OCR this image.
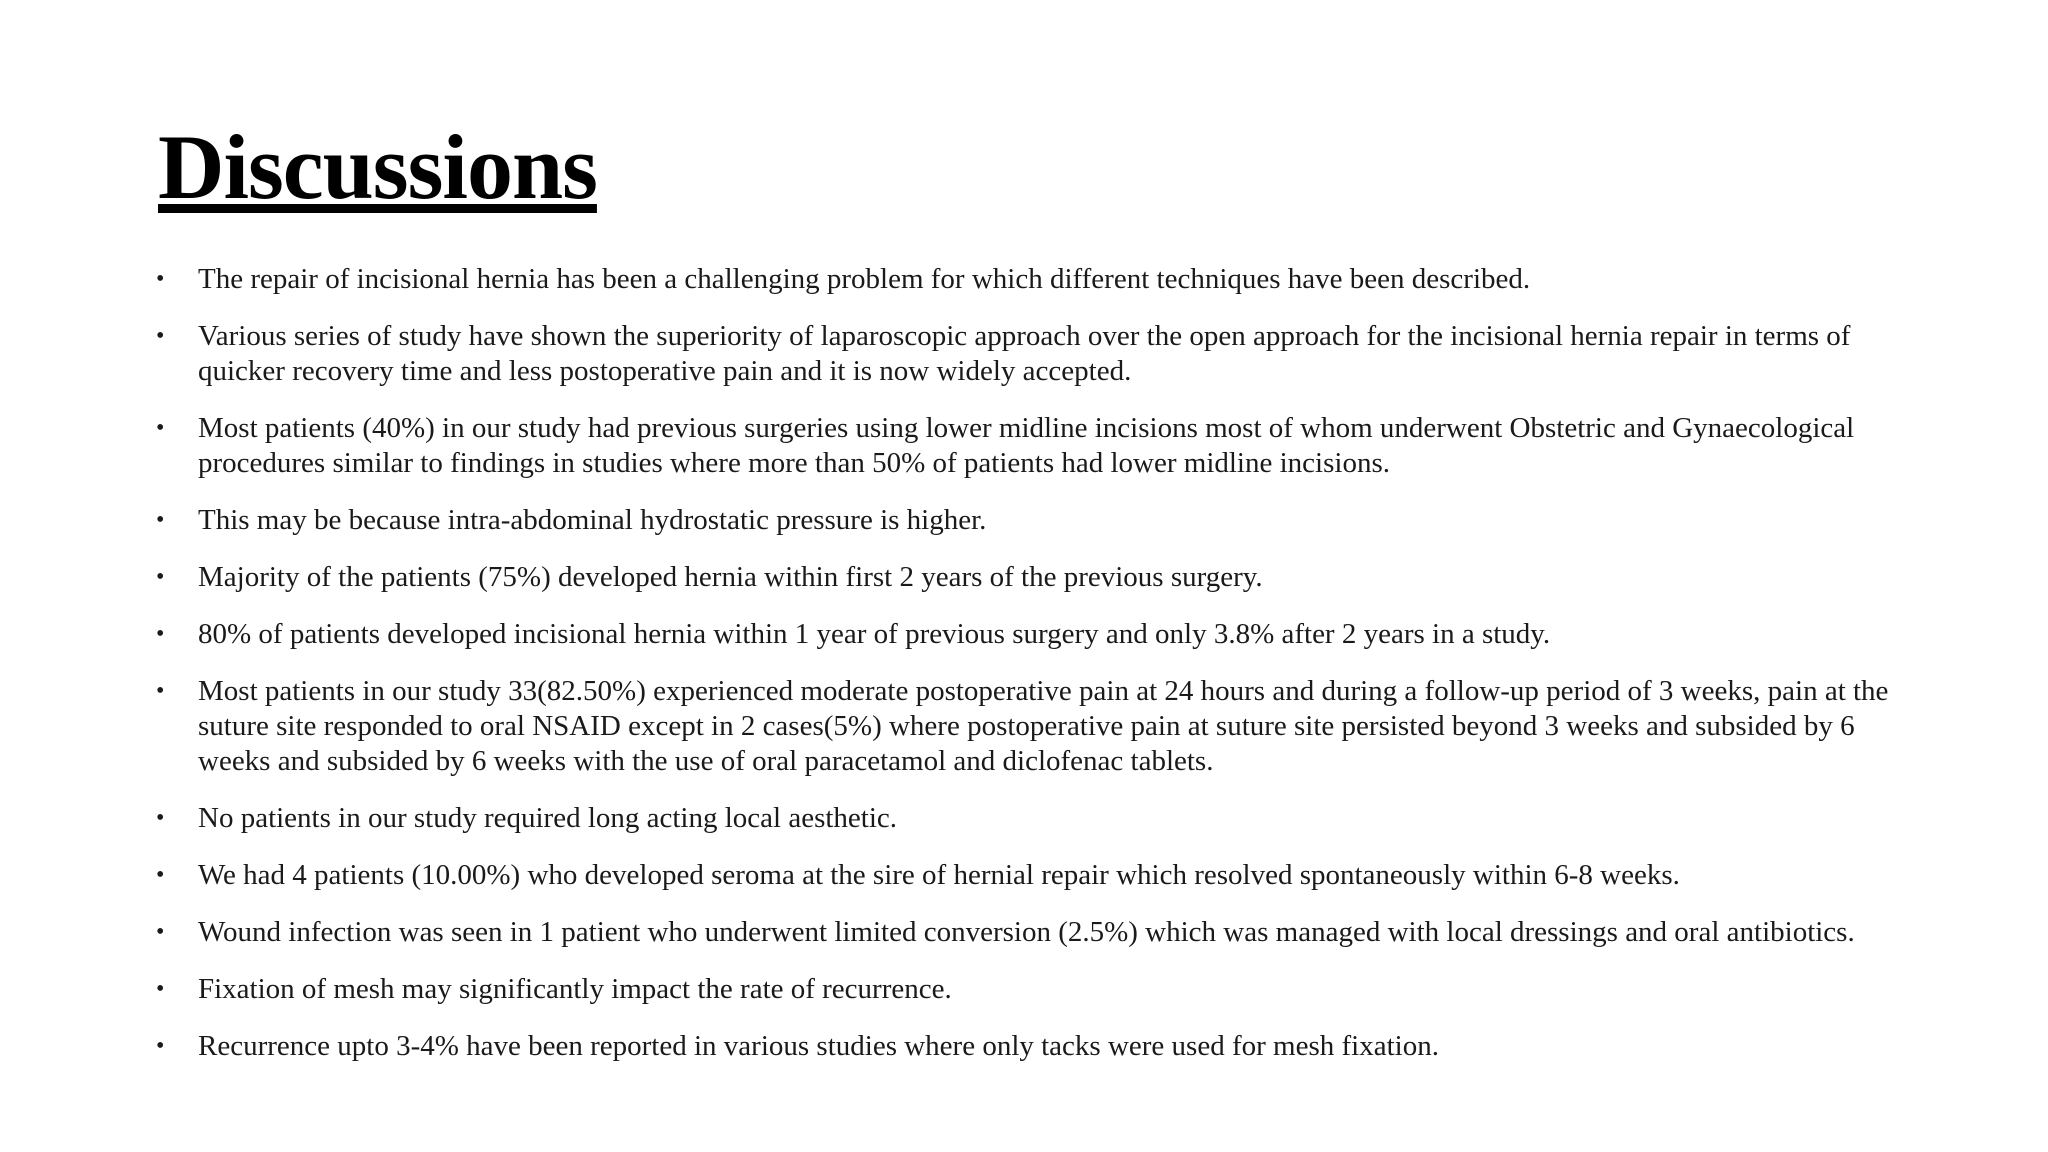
Discussions
• The repair of incisional hernia has been a challenging problem for which different techniques have been described.
• Various series of study have shown the superiority of laparoscopic approach over the open approach for the incisional hernia repair in terms of quicker recovery time and less postoperative pain and it is now widely accepted.
• Most patients (40%) in our study had previous surgeries using lower midline incisions most of whom underwent Obstetric and Gynaecological procedures similar to findings in studies where more than 50% of patients had lower midline incisions.
• This may be because intra-abdominal hydrostatic pressure is higher.
• Majority of the patients (75%) developed hernia within first 2 years of the previous surgery.
• 80% of patients developed incisional hernia within 1 year of previous surgery and only 3.8% after 2 years in a study.
• Most patients in our study 33(82.50%) experienced moderate postoperative pain at 24 hours and during a follow-up period of 3 weeks, pain at the suture site responded to oral NSAID except in 2 cases(5%) where postoperative pain at suture site persisted beyond 3 weeks and subsided by 6 weeks and subsided by 6 weeks with the use of oral paracetamol and diclofenac tablets.
• No patients in our study required long acting local aesthetic.
• We had 4 patients (10.00%) who developed seroma at the sire of hernial repair which resolved spontaneously within 6-8 weeks.
• Wound infection was seen in 1 patient who underwent limited conversion (2.5%) which was managed with local dressings and oral antibiotics.
• Fixation of mesh may significantly impact the rate of recurrence.
• Recurrence upto 3-4% have been reported in various studies where only tacks were used for mesh fixation.
